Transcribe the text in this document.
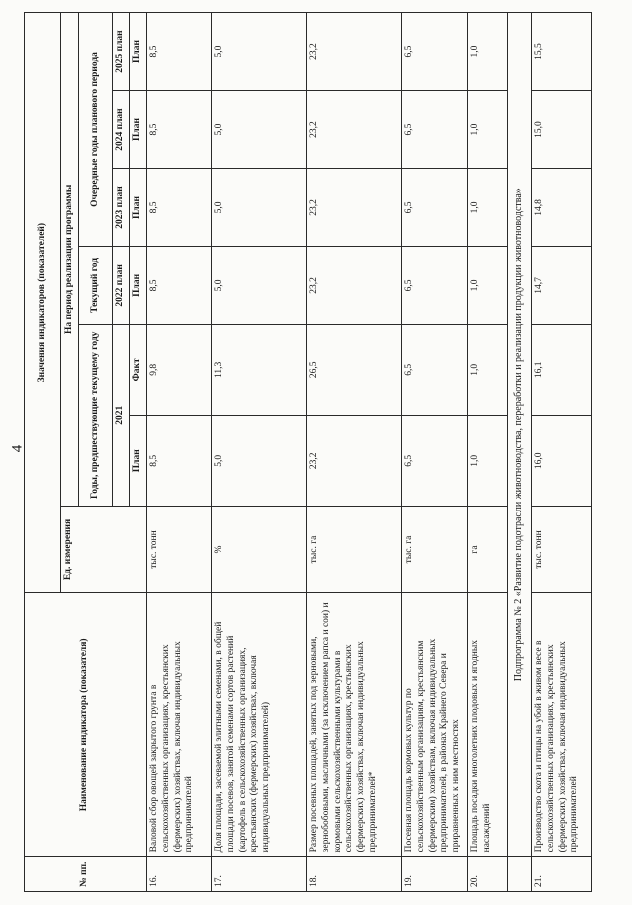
4
№ пп.	Наименование индикатора (показателя)	Значения индикаторов (показателей)						
		Ед. измерения	На период реализации программы					
			Годы, предшествующие текущему году		Текущий год	Очередные годы планового периода		

			2021		2022 план	2023 план	2024 план	2025 план
			План	Факт	План	План	План	План
16.	Валовой сбор овощей закрытого грунта в сельскохозяйственных организациях, крестьянских (фермерских) хозяйствах, включая индивидуальных предпринимателей	тыс. тонн	8,5	9,8	8,5	8,5	8,5	8,5
17.	Доля площади, засеваемой элитными семенами, в общей площади посевов, занятой семенами сортов растений (картофель в сельскохозяйственных организациях, крестьянских (фермерских) хозяйствах, включая индивидуальных предпринимателей)	%	5,0	11,3	5,0	5,0	5,0	5,0
18.	Размер посевных площадей, занятых под зерновыми, зернобобовыми, масличными (за исключением рапса и сои) и кормовыми сельскохозяйственными культурами в сельскохозяйственных организациях, крестьянских (фермерских) хозяйствах, включая индивидуальных предпринимателей*	тыс. га	23,2	26,5	23,2	23,2	23,2	23,2
19.	Посевная площадь кормовых культур по сельскохозяйственным организациям, крестьянским (фермерским) хозяйствам, включая индивидуальных предпринимателей, в районах Крайнего Севера и приравненных к ним местностях	тыс. га	6,5	6,5	6,5	6,5	6,5	6,5
20.	Площадь посадки многолетних плодовых и ягодных насаждений	га	1,0	1,0	1,0	1,0	1,0	1,0
	Подпрограмма № 2 «Развитие подотрасли животноводства, переработки и реализации продукции животноводства»							
21.	Производство скота и птицы на убой в живом весе в сельскохозяйственных организациях, крестьянских (фермерских) хозяйствах, включая индивидуальных предпринимателей	тыс. тонн	16,0	16,1	14,7	14,8	15,0	15,5
